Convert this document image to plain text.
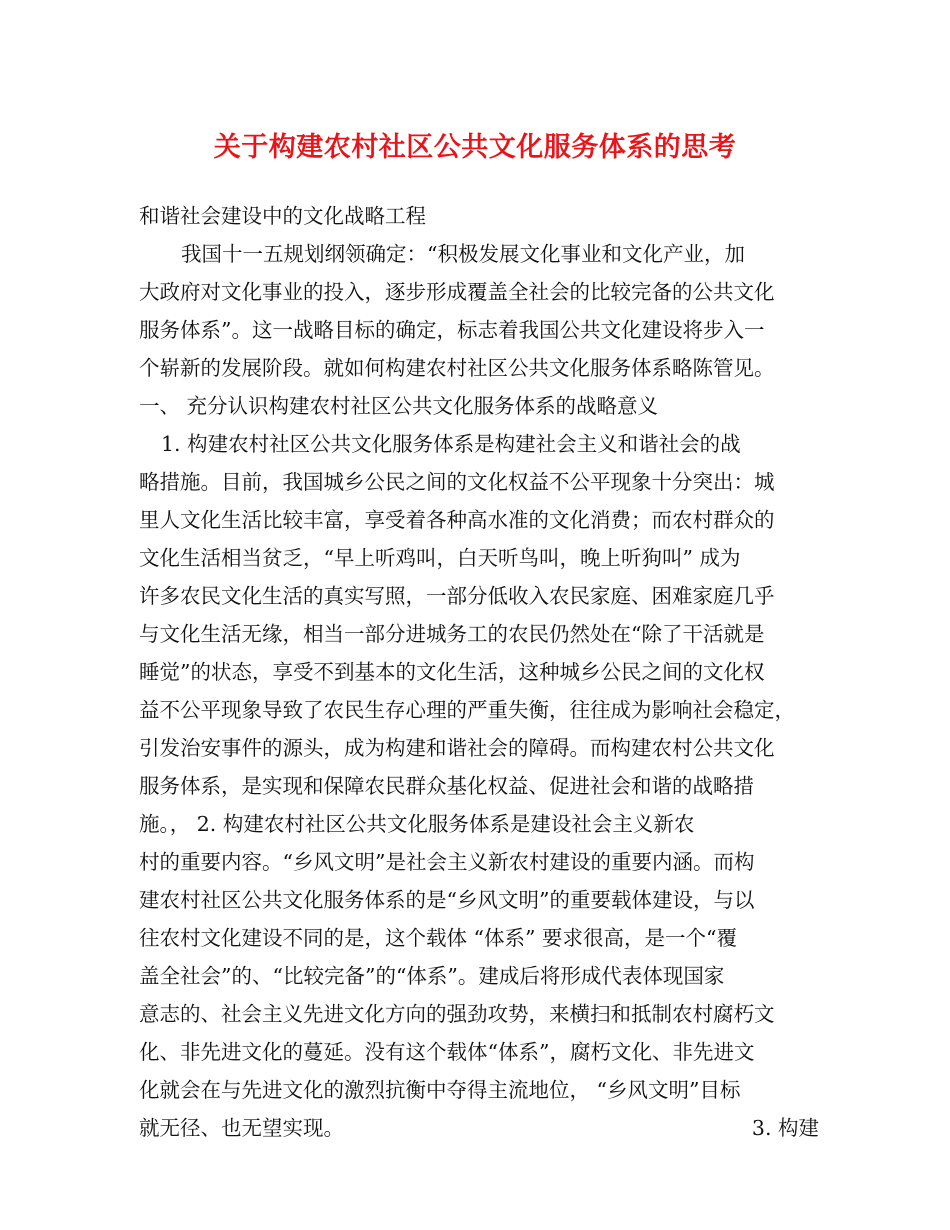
关于构建农村社区公共文化服务体系的思考
和谐社会建设中的文化战略工程
我国十一五规划纲领确定：“积极发展文化事业和文化产业，加
大政府对文化事业的投入，逐步形成覆盖全社会的比较完备的公共文化
服务体系”。这一战略目标的确定，标志着我国公共文化建设将步入一
个崭新的发展阶段。就如何构建农村社区公共文化服务体系略陈管见。
一、 充分认识构建农村社区公共文化服务体系的战略意义
1. 构建农村社区公共文化服务体系是构建社会主义和谐社会的战
略措施。目前，我国城乡公民之间的文化权益不公平现象十分突出：城
里人文化生活比较丰富，享受着各种高水准的文化消费；而农村群众的
文化生活相当贫乏，“早上听鸡叫，白天听鸟叫，晚上听狗叫” 成为
许多农民文化生活的真实写照，一部分低收入农民家庭、困难家庭几乎
与文化生活无缘，相当一部分进城务工的农民仍然处在“除了干活就是
睡觉”的状态，享受不到基本的文化生活，这种城乡公民之间的文化权
益不公平现象导致了农民生存心理的严重失衡，往往成为影响社会稳定，
引发治安事件的源头，成为构建和谐社会的障碍。而构建农村公共文化
服务体系，是实现和保障农民群众基化权益、促进社会和谐的战略措
施。， 2. 构建农村社区公共文化服务体系是建设社会主义新农
村的重要内容。“乡风文明”是社会主义新农村建设的重要内涵。而构
建农村社区公共文化服务体系的是“乡风文明”的重要载体建设，与以
往农村文化建设不同的是，这个载体 “体系” 要求很高，是一个“覆
盖全社会”的、“比较完备”的“体系”。建成后将形成代表体现国家
意志的、社会主义先进文化方向的强劲攻势，来横扫和抵制农村腐朽文
化、非先进文化的蔓延。没有这个载体“体系”，腐朽文化、非先进文
化就会在与先进文化的激烈抗衡中夺得主流地位， “乡风文明”目标
就无径、也无望实现。	3. 构建
